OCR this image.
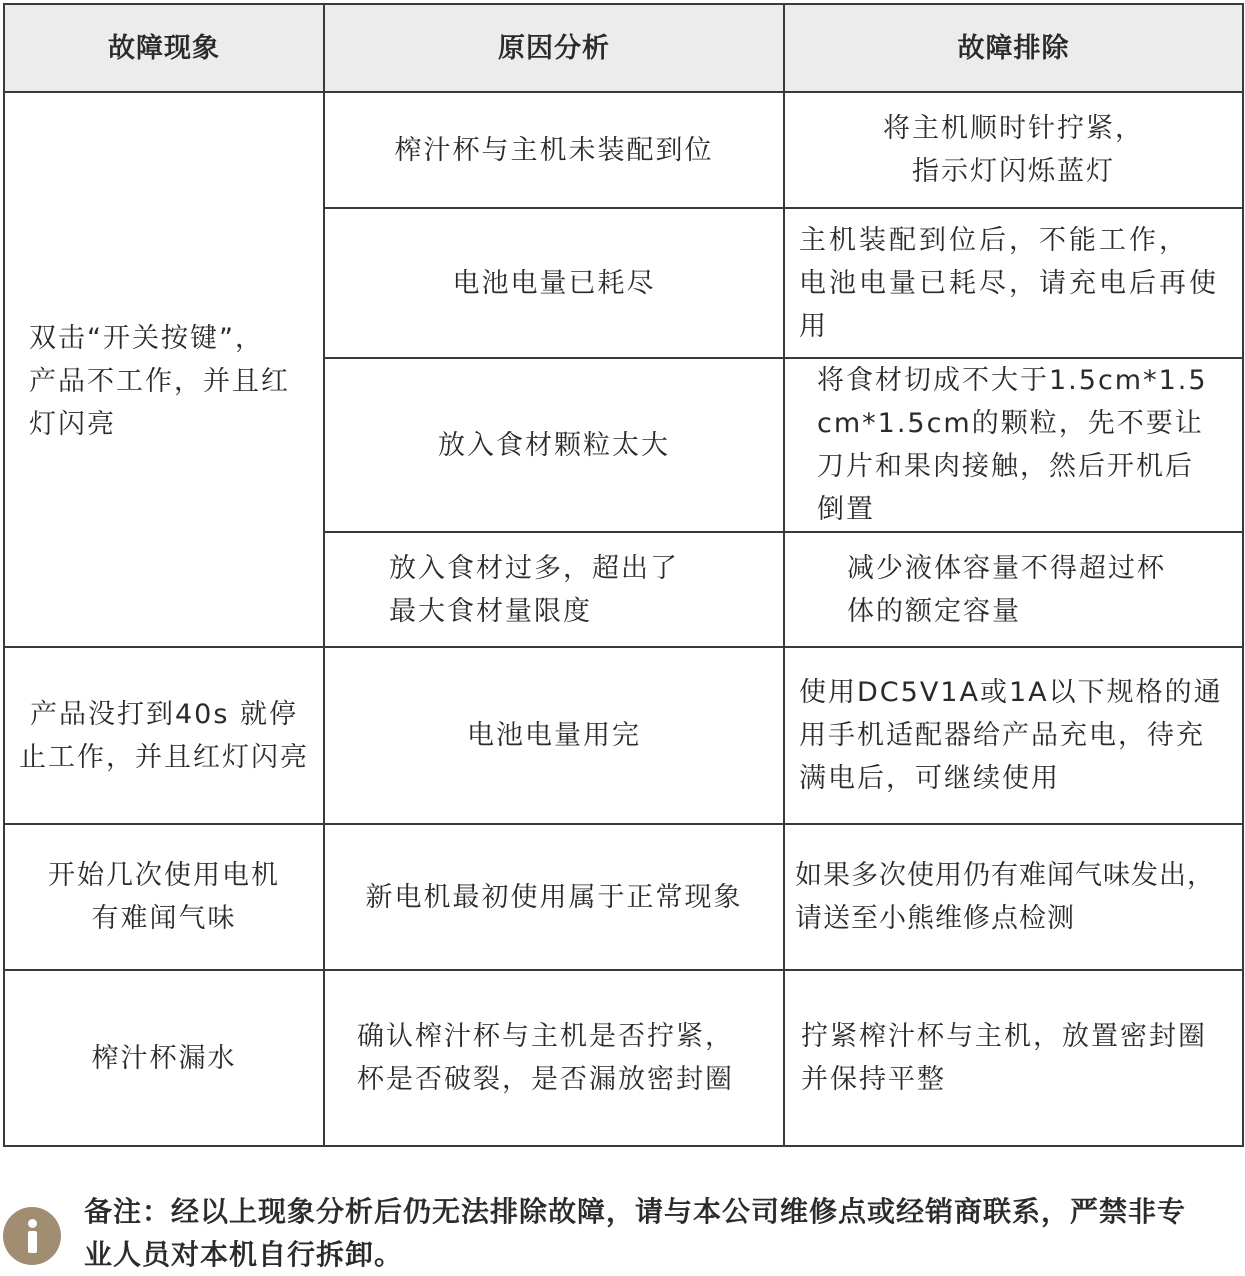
故障现象	原因分析	故障排除

双击“开关按键”，
产品不工作，并且红
灯闪亮	榨汁杯与主机未装配到位	将主机顺时针拧紧，
指示灯闪烁蓝灯

	电池电量已耗尽	主机装配到位后，不能工作，
电池电量已耗尽，请充电后再使
用

	放入食材颗粒太大	将食材切成不大于1.5cm*1.5
cm*1.5cm的颗粒，先不要让
刀片和果肉接触，然后开机后
倒置

	放入食材过多，超出了
最大食材量限度	减少液体容量不得超过杯
体的额定容量

产品没打到40s 就停
止工作，并且红灯闪亮	电池电量用完	使用DC5V1A或1A以下规格的通
用手机适配器给产品充电，待充
满电后，可继续使用

开始几次使用电机
有难闻气味	新电机最初使用属于正常现象	如果多次使用仍有难闻气味发出，
请送至小熊维修点检测

榨汁杯漏水	确认榨汁杯与主机是否拧紧，
杯是否破裂，是否漏放密封圈	拧紧榨汁杯与主机，放置密封圈
并保持平整
备注：经以上现象分析后仍无法排除故障，请与本公司维修点或经销商联系，严禁非专
业人员对本机自行拆卸。
